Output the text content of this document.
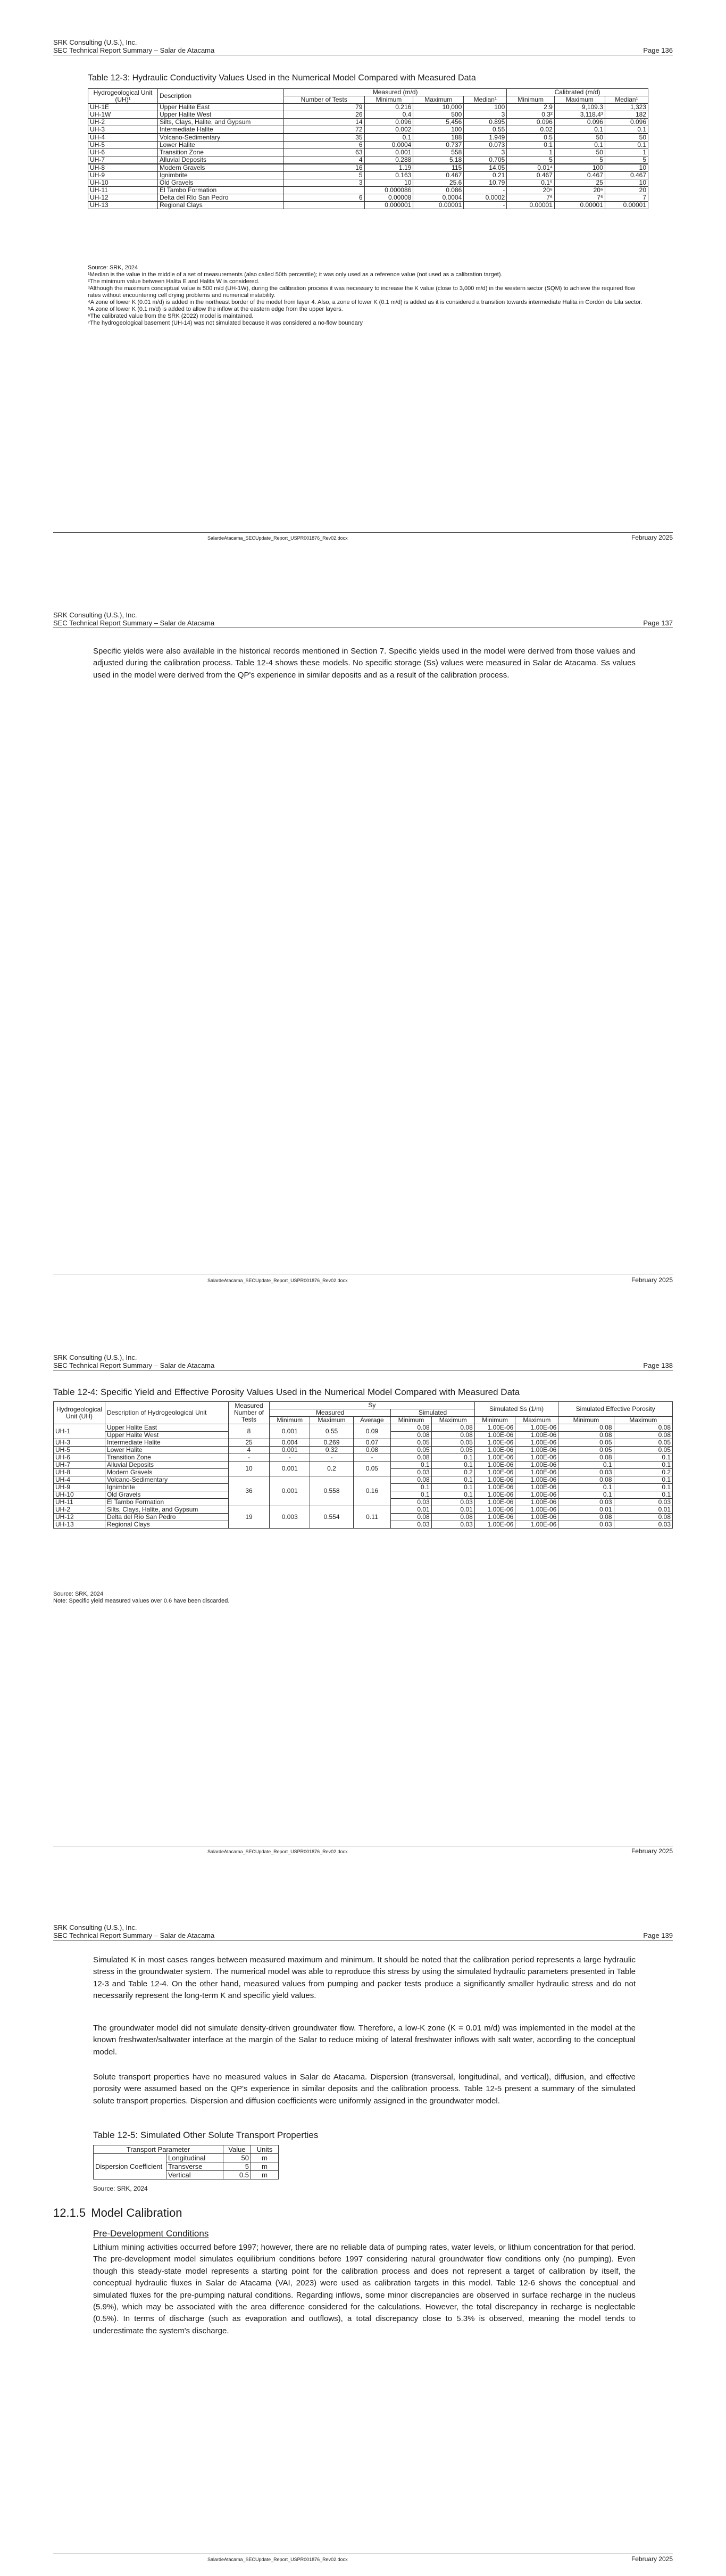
SRK Consulting (U.S.), Inc.
SEC Technical Report Summary – Salar de Atacama	Page 136
Table 12-3: Hydraulic Conductivity Values Used in the Numerical Model Compared with Measured Data
Hydrogeological Unit (UH)¹	Description	Measured (m/d)				Calibrated (m/d)		
		Number of Tests	Minimum	Maximum	Median¹	Minimum	Maximum	Median¹
UH-1E	Upper Halite East	79	0.216	10,000	100	2.9	9,109.3	1,323
UH-1W	Upper Halite West	26	0.4	500	3	0.3²	3,118.4³	182
UH-2	Silts, Clays, Halite, and Gypsum	14	0.096	5,456	0.895	0.096	0.096	0.096
UH-3	Intermediate Halite	72	0.002	100	0.55	0.02	0.1	0.1
UH-4	Volcano-Sedimentary	35	0.1	188	1.949	0.5	50	50
UH-5	Lower Halite	6	0.0004	0.737	0.073	0.1	0.1	0.1
UH-6	Transition Zone	63	0.001	558	3	1	50	1
UH-7	Alluvial Deposits	4	0.288	5.18	0.705	5	5	5
UH-8	Modern Gravels	16	1.19	115	14.05	0.01⁴	100	10
UH-9	Ignimbrite	5	0.163	0.467	0.21	0.467	0.467	0.467
UH-10	Old Gravels	3	10	25.6	10.79	0.1⁵	25	10
UH-11	El Tambo Formation		0.000086	0.086	-	20⁶	20⁶	20
UH-12	Delta del Río San Pedro	6	0.00008	0.0004	0.0002	7⁶	7⁶	7
UH-13	Regional Clays		0.000001	0.00001	-	0.00001	0.00001	0.00001
Source: SRK, 2024
¹Median is the value in the middle of a set of measurements (also called 50th percentile); it was only used as a reference value (not used as a calibration target).
²The minimum value between Halita E and Halita W is considered.
³Although the maximum conceptual value is 500 m/d (UH-1W), during the calibration process it was necessary to increase the K value (close to 3,000 m/d) in the western sector (SQM) to achieve the required flow rates without encountering cell drying problems and numerical instability.
⁴A zone of lower K (0.01 m/d) is added in the northeast border of the model from layer 4. Also, a zone of lower K (0.1 m/d) is added as it is considered a transition towards intermediate Halita in Cordón de Lila sector.
⁵A zone of lower K (0.1 m/d) is added to allow the inflow at the eastern edge from the upper layers.
⁶The calibrated value from the SRK (2022) model is maintained.
⁷The hydrogeological basement (UH-14) was not simulated because it was considered a no-flow boundary
SalardeAtacama_SECUpdate_Report_USPR001876_Rev02.docx	February 2025
SRK Consulting (U.S.), Inc.
SEC Technical Report Summary – Salar de Atacama	Page 137

Specific yields were also available in the historical records mentioned in Section 7. Specific yields used in the model were derived from those values and adjusted during the calibration process. Table 12-4 shows these models. No specific storage (Ss) values were measured in Salar de Atacama. Ss values used in the model were derived from the QP's experience in similar deposits and as a result of the calibration process.

SalardeAtacama_SECUpdate_Report_USPR001876_Rev02.docx	February 2025
SRK Consulting (U.S.), Inc.
SEC Technical Report Summary – Salar de Atacama	Page 138
Table 12-4: Specific Yield and Effective Porosity Values Used in the Numerical Model Compared with Measured Data
Hydrogeological Unit (UH)	Description of Hydrogeological Unit	Measured Number of Tests	Sy					Simulated Ss (1/m)		Simulated Effective Porosity	
			Measured			Simulated					
			Minimum	Maximum	Average	Minimum	Maximum	Minimum	Maximum	Minimum	Maximum
UH-1	Upper Halite East	8	0.001	0.55	0.09	0.08	0.08	1.00E-06	1.00E-06	0.08	0.08
	Upper Halite West					0.08	0.08	1.00E-06	1.00E-06	0.08	0.08
UH-3	Intermediate Halite	25	0.004	0.269	0.07	0.05	0.05	1.00E-06	1.00E-06	0.05	0.05
UH-5	Lower Halite	4	0.001	0.32	0.08	0.05	0.05	1.00E-06	1.00E-06	0.05	0.05
UH-6	Transition Zone	-	-	-	-	0.08	0.1	1.00E-06	1.00E-06	0.08	0.1
UH-7	Alluvial Deposits	10	0.001	0.2	0.05	0.1	0.1	1.00E-06	1.00E-06	0.1	0.1
UH-8	Modern Gravels					0.03	0.2	1.00E-06	1.00E-06	0.03	0.2
UH-4	Volcano-Sedimentary	36	0.001	0.558	0.16	0.08	0.1	1.00E-06	1.00E-06	0.08	0.1
UH-9	Ignimbrite					0.1	0.1	1.00E-06	1.00E-06	0.1	0.1
UH-10	Old Gravels					0.1	0.1	1.00E-06	1.00E-06	0.1	0.1
UH-11	El Tambo Formation					0.03	0.03	1.00E-06	1.00E-06	0.03	0.03
UH-2	Silts, Clays, Halite, and Gypsum	19	0.003	0.554	0.11	0.01	0.01	1.00E-06	1.00E-06	0.01	0.01
UH-12	Delta del Río San Pedro					0.08	0.08	1.00E-06	1.00E-06	0.08	0.08
UH-13	Regional Clays					0.03	0.03	1.00E-06	1.00E-06	0.03	0.03
Source: SRK, 2024
Note: Specific yield measured values over 0.6 have been discarded.
SalardeAtacama_SECUpdate_Report_USPR001876_Rev02.docx	February 2025
SRK Consulting (U.S.), Inc.
SEC Technical Report Summary – Salar de Atacama	Page 139

Simulated K in most cases ranges between measured maximum and minimum. It should be noted that the calibration period represents a large hydraulic stress in the groundwater system. The numerical model was able to reproduce this stress by using the simulated hydraulic parameters presented in Table 12-3 and Table 12-4. On the other hand, measured values from pumping and packer tests produce a significantly smaller hydraulic stress and do not necessarily represent the long-term K and specific yield values.

The groundwater model did not simulate density-driven groundwater flow. Therefore, a low-K zone (K = 0.01 m/d) was implemented in the model at the known freshwater/saltwater interface at the margin of the Salar to reduce mixing of lateral freshwater inflows with salt water, according to the conceptual model.

Solute transport properties have no measured values in Salar de Atacama. Dispersion (transversal, longitudinal, and vertical), diffusion, and effective porosity were assumed based on the QP's experience in similar deposits and the calibration process. Table 12-5 present a summary of the simulated solute transport properties. Dispersion and diffusion coefficients were uniformly assigned in the groundwater model.

Table 12-5: Simulated Other Solute Transport Properties
Transport Parameter		Value	Units
Dispersion Coefficient	Longitudinal	50	m
	Transverse	5	m
	Vertical	0.5	m
Source: SRK, 2024
12.1.5 Model Calibration
Pre-Development Conditions

Lithium mining activities occurred before 1997; however, there are no reliable data of pumping rates, water levels, or lithium concentration for that period. The pre-development model simulates equilibrium conditions before 1997 considering natural groundwater flow conditions only (no pumping). Even though this steady-state model represents a starting point for the calibration process and does not represent a target of calibration by itself, the conceptual hydraulic fluxes in Salar de Atacama (VAI, 2023) were used as calibration targets in this model. Table 12-6 shows the conceptual and simulated fluxes for the pre-pumping natural conditions. Regarding inflows, some minor discrepancies are observed in surface recharge in the nucleus (5.9%), which may be associated with the area difference considered for the calculations. However, the total discrepancy in recharge is neglectable (0.5%). In terms of discharge (such as evaporation and outflows), a total discrepancy close to 5.3% is observed, meaning the model tends to underestimate the system's discharge.

SalardeAtacama_SECUpdate_Report_USPR001876_Rev02.docx	February 2025
